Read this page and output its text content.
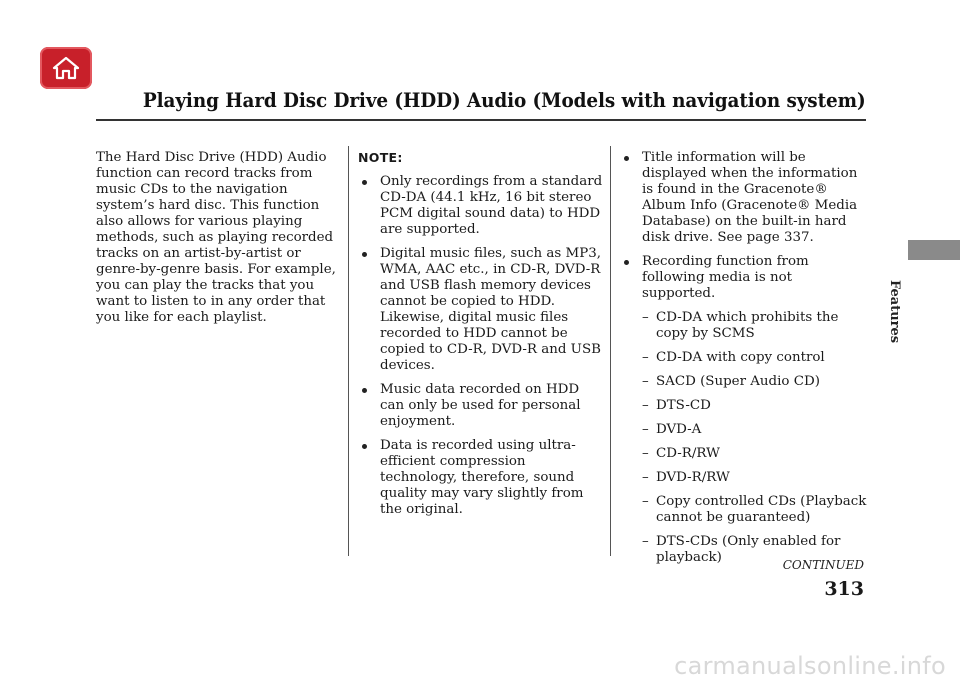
Playing Hard Disc Drive (HDD) Audio (Models with navigation system)
Features

The Hard Disc Drive (HDD) Audio function can record tracks from music CDs to the navigation system’s hard disc. This function also allows for various playing methods, such as playing recorded tracks on an artist-by-artist or genre-by-genre basis. For example, you can play the tracks that you want to listen to in any order that you like for each playlist.

NOTE:
Only recordings from a standard CD-DA (44.1 kHz, 16 bit stereo PCM digital sound data) to HDD are supported.
Digital music files, such as MP3, WMA, AAC etc., in CD-R, DVD-R and USB flash memory devices cannot be copied to HDD. Likewise, digital music files recorded to HDD cannot be copied to CD-R, DVD-R and USB devices.
Music data recorded on HDD can only be used for personal enjoyment.
Data is recorded using ultra-efficient compression technology, therefore, sound quality may vary slightly from the original.
Title information will be displayed when the information is found in the Gracenote® Album Info (Gracenote® Media Database) on the built-in hard disk drive. See page 337.
Recording function from following media is not supported.
– CD-DA which prohibits the copy by SCMS
– CD-DA with copy control
– SACD (Super Audio CD)
– DTS-CD
– DVD-A
– CD-R/RW
– DVD-R/RW
– Copy controlled CDs (Playback cannot be guaranteed)
– DTS-CDs (Only enabled for playback)	CONTINUED
313
carmanualsonline.info
